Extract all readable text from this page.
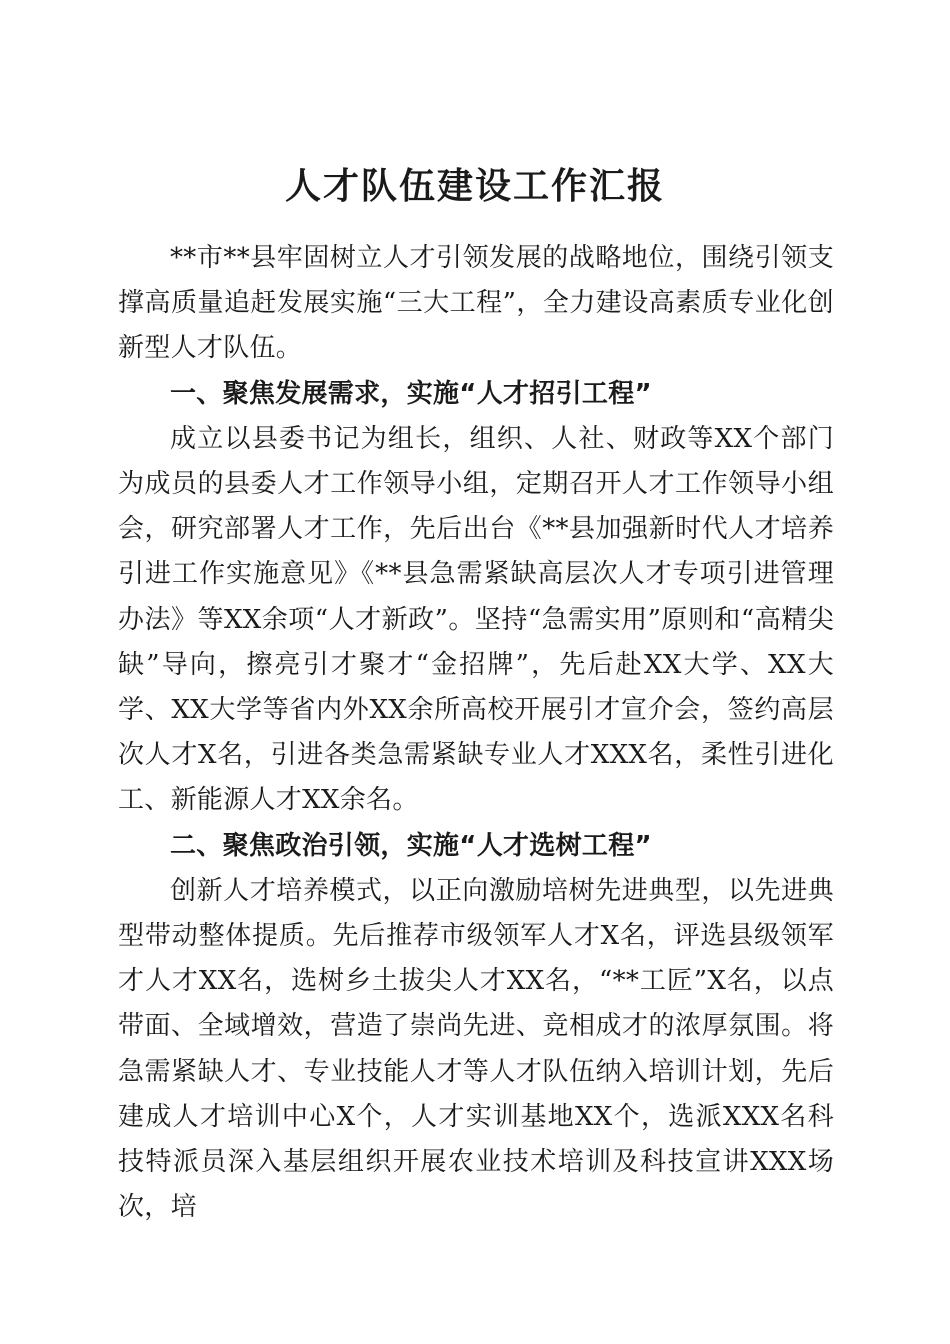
人才队伍建设工作汇报

**市**县牢固树立人才引领发展的战略地位，围绕引领支撑高质量追赶发展实施“三大工程”，全力建设高素质专业化创新型人才队伍。

一、聚焦发展需求，实施“人才招引工程”

成立以县委书记为组长，组织、人社、财政等XX个部门为成员的县委人才工作领导小组，定期召开人才工作领导小组会，研究部署人才工作，先后出台《**县加强新时代人才培养引进工作实施意见》《**县急需紧缺高层次人才专项引进管理办法》等XX余项“人才新政”。坚持“急需实用”原则和“高精尖缺”导向，擦亮引才聚才“金招牌”，先后赴XX大学、XX大学、XX大学等省内外XX余所高校开展引才宣介会，签约高层次人才X名，引进各类急需紧缺专业人才XXX名，柔性引进化工、新能源人才XX余名。

二、聚焦政治引领，实施“人才选树工程”

创新人才培养模式，以正向激励培树先进典型，以先进典型带动整体提质。先后推荐市级领军人才X名，评选县级领军才人才XX名，选树乡土拔尖人才XX名，“**工匠”X名，以点带面、全域增效，营造了崇尚先进、竞相成才的浓厚氛围。将急需紧缺人才、专业技能人才等人才队伍纳入培训计划，先后建成人才培训中心X个，人才实训基地XX个，选派XXX名科技特派员深入基层组织开展农业技术培训及科技宣讲XXX场次，培
